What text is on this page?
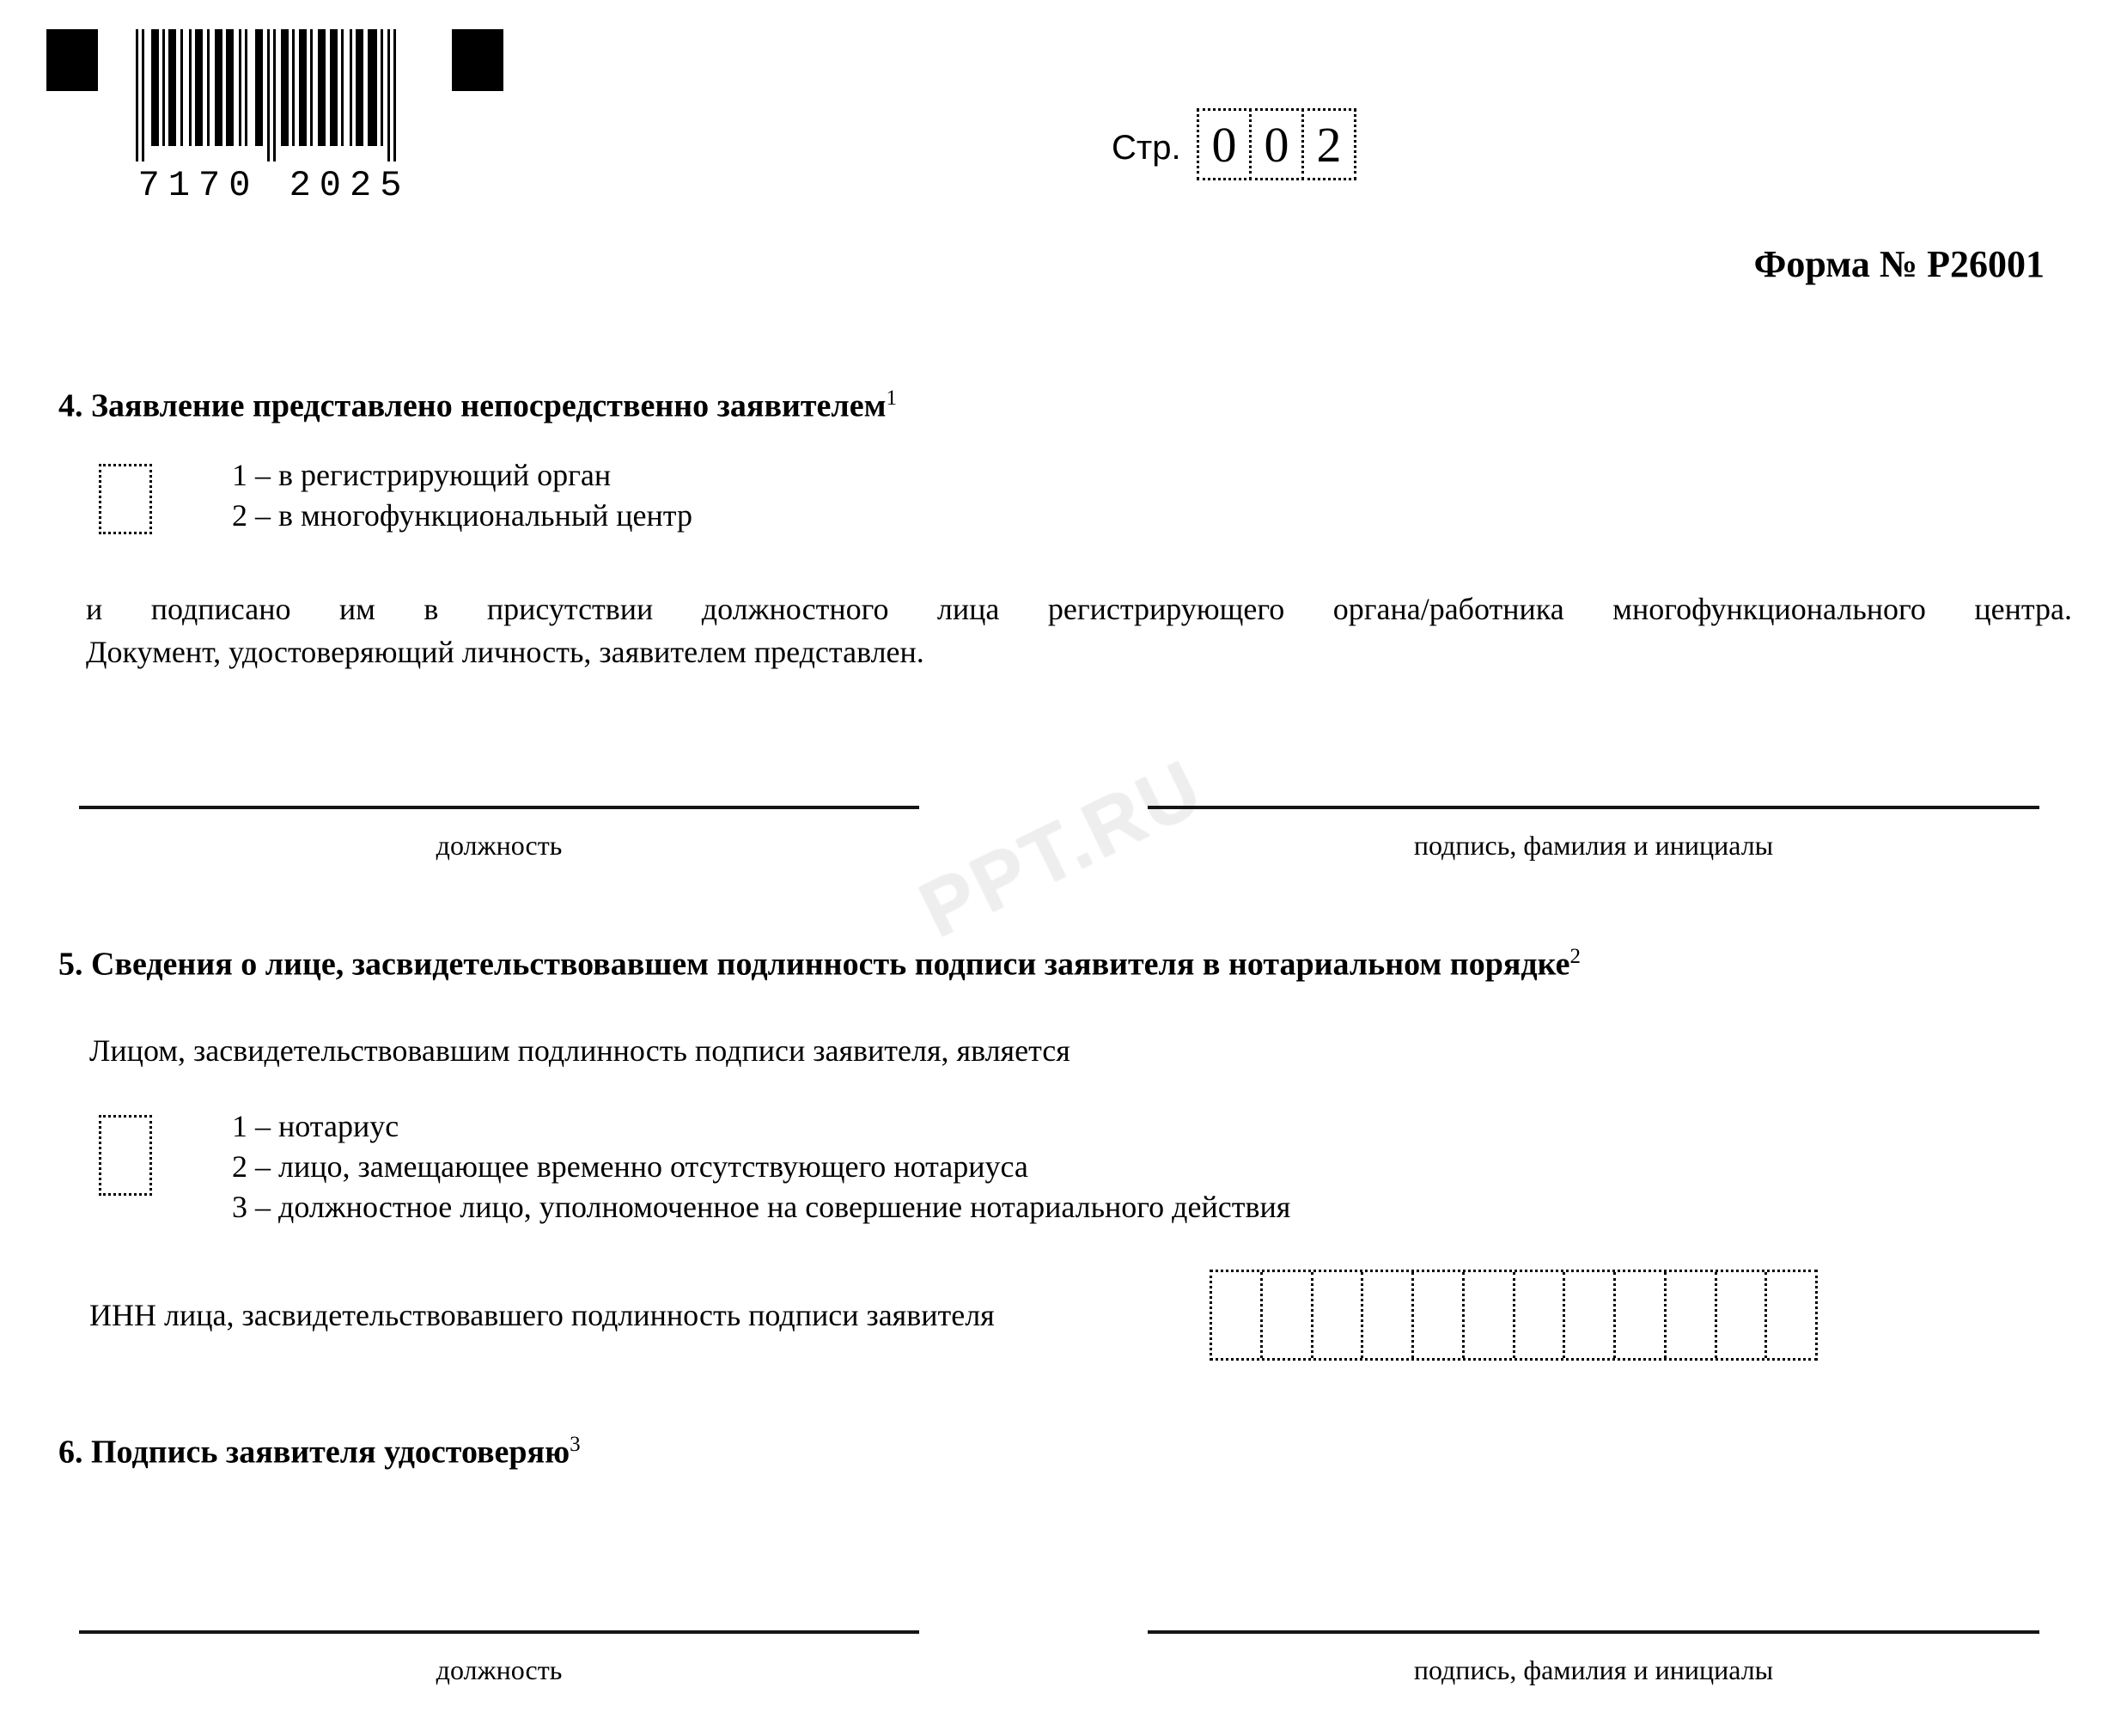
PPT.RU
7170 2025
Стр. 0 0 2
Форма № Р26001
4. Заявление представлено непосредственно заявителем$^1$
1 – в регистрирующий орган
2 – в многофункциональный центр
и подписано им в присутствии должностного лица регистрирующего органа/работника многофункционального центра.
Документ, удостоверяющий личность, заявителем представлен.
должность	подпись, фамилия и инициалы
5. Сведения о лице, засвидетельствовавшем подлинность подписи заявителя в нотариальном порядке$^2$
Лицом, засвидетельствовавшим подлинность подписи заявителя, является
1 – нотариус
2 – лицо, замещающее временно отсутствующего нотариуса
3 – должностное лицо, уполномоченное на совершение нотариального действия
ИНН лица, засвидетельствовавшего подлинность подписи заявителя
6. Подпись заявителя удостоверяю$^3$
должность	подпись, фамилия и инициалы
